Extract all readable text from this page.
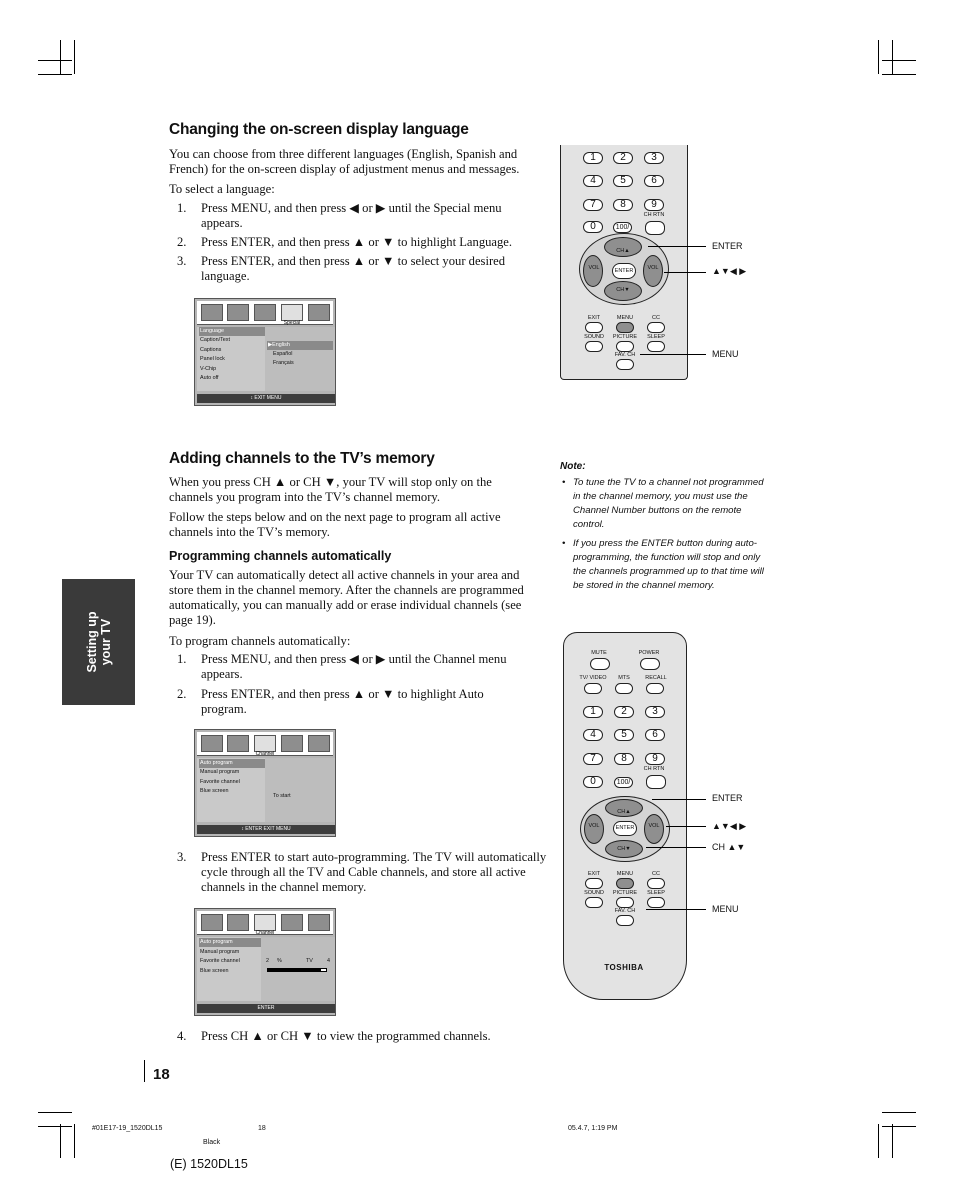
Changing the on-screen display language

You can choose from three different languages (English, Spanish and French) for the on-screen display of adjustment menus and messages.

To select a language:

1.	Press MENU, and then press ◀ or ▶ until the Special menu appears.
2.	Press ENTER, and then press ▲ or ▼ to highlight Language.
3.	Press ENTER, and then press ▲ or ▼ to select your desired language.
Special
Language
Caption/Text
Captions
Panel lock
V-Chip
Auto off
▶English
Español
Français
↕ EXIT MENU
1	2	3
4	5	6
7	8	9
CH RTN
0	100/
CH▲
CH▼
VOL	VOL
ENTER
EXIT	MENU	CC
SOUND	PICTURE	SLEEP
FAV. CH
ENTER
▲▼◀ ▶
MENU
Adding channels to the TV’s memory

When you press CH ▲ or CH ▼, your TV will stop only on the channels you program into the TV’s channel memory.

Follow the steps below and on the next page to program all active channels into the TV’s memory.

Programming channels automatically

Your TV can automatically detect all active channels in your area and store them in the channel memory. After the channels are programmed automatically, you can manually add or erase individual channels (see page 19).

To program channels automatically:

1.	Press MENU, and then press ◀ or ▶ until the Channel menu appears.
2.	Press ENTER, and then press ▲ or ▼ to highlight Auto program.
Channel
Auto program
Manual program
Favorite channel
Blue screen
To start
↕ ENTER EXIT MENU
3.	Press ENTER to start auto-programming. The TV will automatically cycle through all the TV and Cable channels, and store all active channels in the channel memory.
Channel
Auto program
Manual program
Favorite channel
Blue screen
2 %	TV	4
ENTER
4.	Press CH ▲ or CH ▼ to view the programmed channels.
Note:
• To tune the TV to a channel not programmed in the channel memory, you must use the Channel Number buttons on the remote control.
• If you press the ENTER button during auto-programming, the function will stop and only the channels programmed up to that time will be stored in the channel memory.
MUTE	POWER
TV/ VIDEO	MTS	RECALL
1	2	3
4	5	6
7	8	9
CH RTN
0	100/
CH▲
CH▼
VOL	VOL
ENTER
EXIT	MENU	CC
SOUND	PICTURE	SLEEP
FAV. CH
TOSHIBA
ENTER
▲▼◀ ▶
CH ▲▼
MENU
Setting up your TV
18
#01E17-19_1520DL15	18	05.4.7, 1:19 PM
Black
(E) 1520DL15
